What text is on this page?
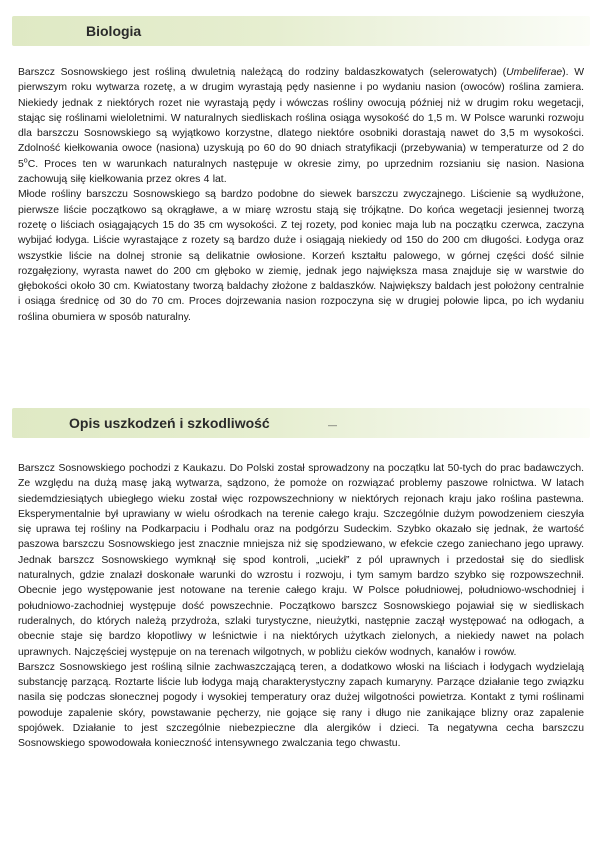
Biologia

Barszcz Sosnowskiego jest rośliną dwuletnią należącą do rodziny baldaszkowatych (selerowatych) (Umbeliferae). W pierwszym roku wytwarza rozetę, a w drugim wyrastają pędy nasienne i po wydaniu nasion (owoców) roślina zamiera. Niekiedy jednak z niektórych rozet nie wyrastają pędy i wówczas rośliny owocują później niż w drugim roku wegetacji, stając się roślinami wieloletnimi. W naturalnych siedliskach roślina osiąga wysokość do 1,5 m. W Polsce warunki rozwoju dla barszczu Sosnowskiego są wyjątkowo korzystne, dlatego niektóre osobniki dorastają nawet do 3,5 m wysokości. Zdolność kiełkowania owoce (nasiona) uzyskują po 60 do 90 dniach stratyfikacji (przebywania) w temperaturze od 2 do 5$^o$C. Proces ten w warunkach naturalnych następuje w okresie zimy, po uprzednim rozsianiu się nasion. Nasiona zachowują siłę kiełkowania przez okres 4 lat.

Młode rośliny barszczu Sosnowskiego są bardzo podobne do siewek barszczu zwyczajnego. Liścienie są wydłużone, pierwsze liście początkowo są okrągławe, a w miarę wzrostu stają się trójkątne. Do końca wegetacji jesiennej tworzą rozetę o liściach osiągających 15 do 35 cm wysokości. Z tej rozety, pod koniec maja lub na początku czerwca, zaczyna wybijać łodyga. Liście wyrastające z rozety są bardzo duże i osiągają niekiedy od 150 do 200 cm długości. Łodyga oraz wszystkie liście na dolnej stronie są delikatnie owłosione. Korzeń kształtu palowego, w górnej części dość silnie rozgałęziony, wyrasta nawet do 200 cm głęboko w ziemię, jednak jego największa masa znajduje się w warstwie do głębokości około 30 cm. Kwiatostany tworzą baldachy złożone z baldaszków. Największy baldach jest położony centralnie i osiąga średnicę od 30 do 70 cm. Proces dojrzewania nasion rozpoczyna się w drugiej połowie lipca, po ich wydaniu roślina obumiera w sposób naturalny.

Opis uszkodzeń i szkodliwość	—

Barszcz Sosnowskiego pochodzi z Kaukazu. Do Polski został sprowadzony na początku lat 50-tych do prac badawczych. Ze względu na dużą masę jaką wytwarza, sądzono, że pomoże on rozwiązać problemy paszowe rolnictwa. W latach siedemdziesiątych ubiegłego wieku został więc rozpowszechniony w niektórych rejonach kraju jako roślina pastewna. Eksperymentalnie był uprawiany w wielu ośrodkach na terenie całego kraju. Szczególnie dużym powodzeniem cieszyła się uprawa tej rośliny na Podkarpaciu i Podhalu oraz na podgórzu Sudeckim. Szybko okazało się jednak, że wartość paszowa barszczu Sosnowskiego jest znacznie mniejsza niż się spodziewano, w efekcie czego zaniechano jego uprawy. Jednak barszcz Sosnowskiego wymknął się spod kontroli, „uciekł” z pól uprawnych i przedostał się do siedlisk naturalnych, gdzie znalazł doskonałe warunki do wzrostu i rozwoju, i tym samym bardzo szybko się rozpowszechnił. Obecnie jego występowanie jest notowane na terenie całego kraju. W Polsce południowej, południowo-wschodniej i południowo-zachodniej występuje dość powszechnie. Początkowo barszcz Sosnowskiego pojawiał się w siedliskach ruderalnych, do których należą przydroża, szlaki turystyczne, nieużytki, następnie zaczął występować na odłogach, a obecnie staje się bardzo kłopotliwy w leśnictwie i na niektórych użytkach zielonych, a niekiedy nawet na polach uprawnych. Najczęściej występuje on na terenach wilgotnych, w pobliżu cieków wodnych, kanałów i rowów.

Barszcz Sosnowskiego jest rośliną silnie zachwaszczającą teren, a dodatkowo włoski na liściach i łodygach wydzielają substancję parzącą. Roztarte liście lub łodyga mają charakterystyczny zapach kumaryny. Parzące działanie tego związku nasila się podczas słonecznej pogody i wysokiej temperatury oraz dużej wilgotności powietrza. Kontakt z tymi roślinami powoduje zapalenie skóry, powstawanie pęcherzy, nie gojące się rany i długo nie zanikające blizny oraz zapalenie spojówek. Działanie to jest szczególnie niebezpieczne dla alergików i dzieci. Ta negatywna cecha barszczu Sosnowskiego spowodowała konieczność intensywnego zwalczania tego chwastu.
